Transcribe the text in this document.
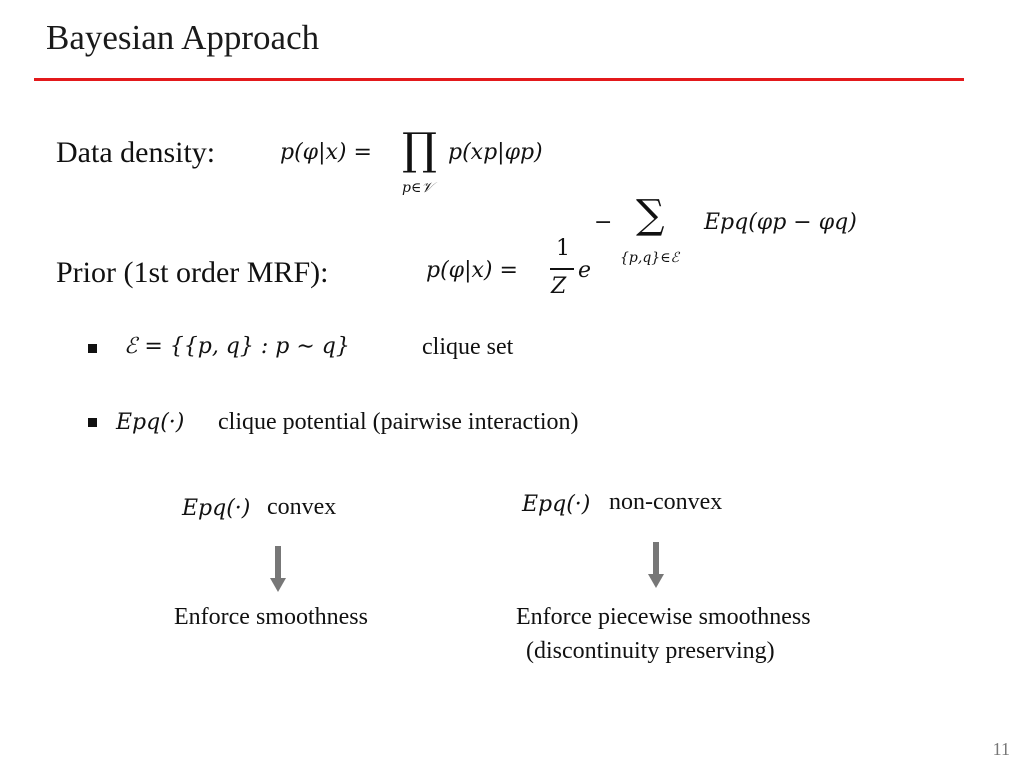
Bayesian Approach
Data density:	p(φ|x) = ∏
p∈𝒱
p(xp|φp)
Prior (1st order MRF):	p(φ|x) =
1
Z
e
− ∑
{p,q}∈ℰ
Epq(φp − φq)
ℰ = {{p, q} : p ∼ q}	clique set
Epq(·) clique potential (pairwise interaction)
Epq(·) convex
Enforce smoothness
Epq(·) non-convex
Enforce piecewise smoothness
(discontinuity preserving)
11
